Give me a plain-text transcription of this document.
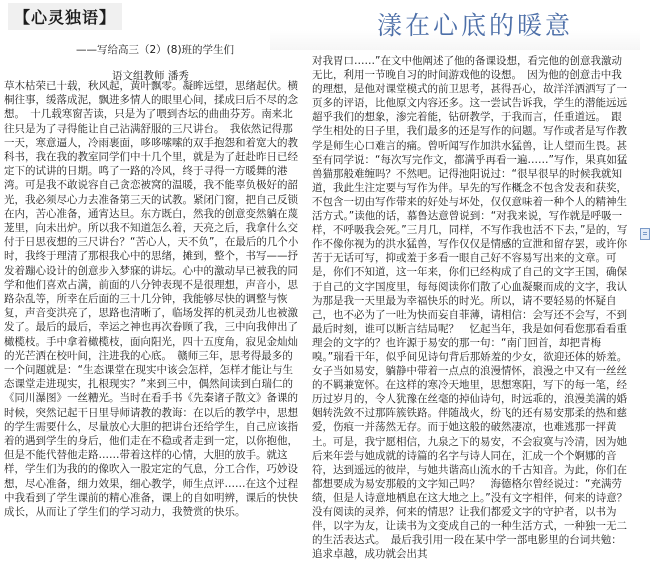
【心灵独语】
——写给高三（2）(8)班的学生们
语文组教师 潘秀

草木枯荣已十载，秋风起，黄叶飘零。凝眸远望，思绪起伏。横桐往事，缓落成泥，飘进多情人的眼里心间，揉成曰后不尽的念想。　十几载寒窗苦读，只是为了喂到杏坛的曲曲芬芳。南来北往只是为了寻得能让自己沾满舒服的三尺讲台。　我依然记得那一天，寒意逼人，冷雨裹面，哆哆嗦嗦的双手抱怨和着宽大的教科书，我在我的教室同学们中十几个里，就是为了赶赴昨日已经定下的试讲的日期。鸣了一路的冷风，终于寻得一方暖舞的港湾。可是我不敢说容自己贪恋被窝的温暖，我不能辜负极好的韶光，我必须尽心力去准备第三天的试教。紧闭门窗，把自己反锁在内，苦心准备，通宵达旦。东方既白，然我的创意变然躺在蔑茏里，向未出炉。所以我不知道怎么着，天亮之后，我拿什么交付于日思夜想的三尺讲台？“苦心人，天不负”，在最后的几个小时，我终于理清了那根我心中的思绪，摊到，整个，书写——抒发着蹦心设计的创意步入梦寐的讲坛。心中的激动早已被我的同学和他们喜欢占满，前面的八分钟表现不是很理想，声音小，思路杂乱等，所幸在后面的三十几分钟，我能够尽快的调整与恢复，声音变洪亮了，思路也清晰了，临场发挥的机灵劲儿也被激发了。最后的最后，幸运之神也再次眷顾了我，三中向我伸出了橄榄枝。手中拿着橄榄枝，面向阳光，四十五度角，寂见金灿灿的光芒洒在校叶间，注进我的心底。　赣师三年，思考得最多的一个问题就是：“生态课堂在现实中该会怎样，怎样才能让与生态课堂走进现实，扎根现实？”来到三中，偶然间读到白瑞仁的《同川瀑图》一丝糟光。当时在看手书《先秦诸子散文》备课的时候，突然记起干日里导师请教的教诲：在以后的教学中，思想的学生需要什么，尽量放心大胆的把讲台还给学生，自己应该指着的遇到学生的身后，他们走在不稳或者走到一定，以你抱他，但是不能代替他走路……带着这样的心情，大胆的放手。就这样，学生们为我的的像吹入一股定定的气息，分工合作，巧妙设想，尽心准备，细力效果，细心教学，师生点评……在这个过程中我看到了学生课前的精心准备，课上的自如明辨，课后的快快成长，从而让了学生们的学习动力，我赞赏的快乐。

漾在心底的暖意

对我胃口……”在文中他阐述了他的备课设想，看完他的创意我激动无比，利用一节晚自习的时间游戏他的设想。　因为他的创意击中我的理想，是他对课堂模式的前卫思考，甚得吾心，故洋洋洒洒写了一页多的评语，比他原文内容还多。这一尝试告诉我，学生的潜能远远超乎我们的想象，渗完着能，钻研教学，于我而言，任重道远。　跟学生相处的日子里，我们最多的还是写作的问题。写作或者是写作教学是师生心口难言的痛。曾听闻写作加洪水猛兽，让人望而生畏。甚至有同学说：“每次写完作文，都满乎再看一遍……”写作，果真如猛兽猫那般难缠吗？不然吧。记得池阳说过：“很早很早的时候我就知道，我此生注定要与写作为伴。早先的写作概念不包含发表和获奖，不包含一切由写作带来的好处与坏处，仅仅意味着一种个人的精神生活方式。”读他的话，慕鲁达意曾说到：“对我来说，写作就是呼吸一样，不呼吸我会死。”三月几，同样，不写作我也活不下去，”是的，写作不像你视为的洪水猛兽，写作仅仅是情感的宣泄和留存罢，或许你苦于无话可写，抑或羞于多看一眼自己好不容易写出来的文章。可是，你们不知道，这一年来，你们已经构成了自己的文字王国，确保于自己的文字国度里，每每阅读你们散了心血凝聚而成的文字，我认为那是我一天里最为幸福快乐的时光。所以，请不要轻易的怀疑自己，也不必为了一吐为快而妄自菲薄，请相信：会写还不会写，不到最后时刻，谁可以断言结局呢？　忆起当年，我是如何看您那看看重理会的文字的？也许源于易安的那一句：“南门回首，却把青梅嗅。”瑞看干年，似乎间见诗句背后那娇羞的少女，欲迎还体的娇羞。女子当如易安，躺静中带着一点点的浪漫情怀，浪漫之中又有一丝丝的不羁兼宽怀。在这样的寒冷天地里，思想寒阳，写下的每一笔，经历过岁月的，令人犹豫在丝毫的掉仙诗句，时远乖的，浪漫美满的婚姻转洗敛不过那阵簇铁路。伴随战火，纷飞的还有易安那柔的热和慈爱，伤痕一并荡然无存。而于她这般的破然凄凉，也难逃那一抨黄土。可是，我宁愿相信，九泉之下的易安，不会寂寞与冷清，因为她后来年尝与她成就的诗篇的名字与诗人同在，汇成一个个婀娜的音符，达到遥远的彼岸，与她共谐高山流水的千古知音。为此，你们在都想要成为易安那般的文字知己吗？　海德格尔曾经说过：“充满劳绩，但是人诗意地栖息在这大地之上。”没有文字相伴，何来的诗意？没有阅读的灵养，何来的情思？让我们都爱文字的守护者，以书为伴，以字为友，让读书为文变成自己的一种生活方式，一种独一无二的生活表达式。　最后我引用一段在某中学一部电影里的台词共勉：追求卓越，成功就会出其
